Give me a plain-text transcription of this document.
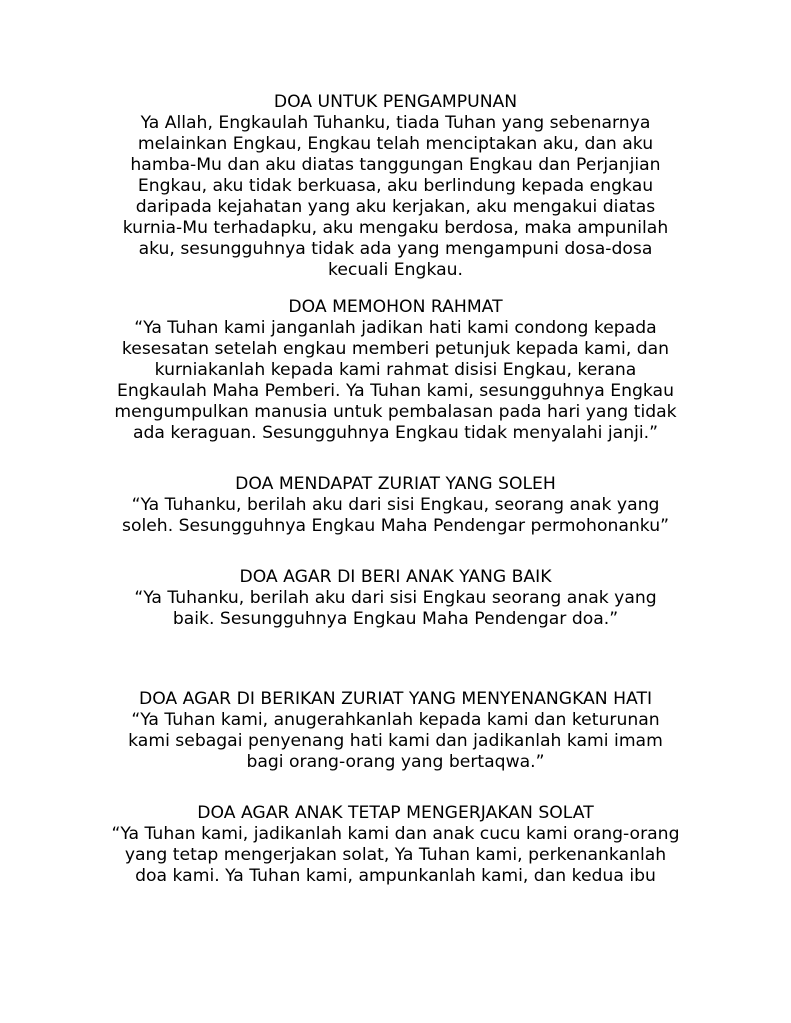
DOA UNTUK PENGAMPUNAN
Ya Allah, Engkaulah Tuhanku, tiada Tuhan yang sebenarnya
melainkan Engkau, Engkau telah menciptakan aku, dan aku
hamba-Mu dan aku diatas tanggungan Engkau dan Perjanjian
Engkau, aku tidak berkuasa, aku berlindung kepada engkau
daripada kejahatan yang aku kerjakan, aku mengakui diatas
kurnia-Mu terhadapku, aku mengaku berdosa, maka ampunilah
aku, sesungguhnya tidak ada yang mengampuni dosa-dosa
kecuali Engkau.
DOA MEMOHON RAHMAT
“Ya Tuhan kami janganlah jadikan hati kami condong kepada
kesesatan setelah engkau memberi petunjuk kepada kami, dan
kurniakanlah kepada kami rahmat disisi Engkau, kerana
Engkaulah Maha Pemberi. Ya Tuhan kami, sesungguhnya Engkau
mengumpulkan manusia untuk pembalasan pada hari yang tidak
ada keraguan. Sesungguhnya Engkau tidak menyalahi janji.”
DOA MENDAPAT ZURIAT YANG SOLEH
“Ya Tuhanku, berilah aku dari sisi Engkau, seorang anak yang
soleh. Sesungguhnya Engkau Maha Pendengar permohonanku”
DOA AGAR DI BERI ANAK YANG BAIK
“Ya Tuhanku, berilah aku dari sisi Engkau seorang anak yang
baik. Sesungguhnya Engkau Maha Pendengar doa.”
DOA AGAR DI BERIKAN ZURIAT YANG MENYENANGKAN HATI
“Ya Tuhan kami, anugerahkanlah kepada kami dan keturunan
kami sebagai penyenang hati kami dan jadikanlah kami imam
bagi orang-orang yang bertaqwa.”
DOA AGAR ANAK TETAP MENGERJAKAN SOLAT
“Ya Tuhan kami, jadikanlah kami dan anak cucu kami orang-orang
yang tetap mengerjakan solat, Ya Tuhan kami, perkenankanlah
doa kami. Ya Tuhan kami, ampunkanlah kami, dan kedua ibu
